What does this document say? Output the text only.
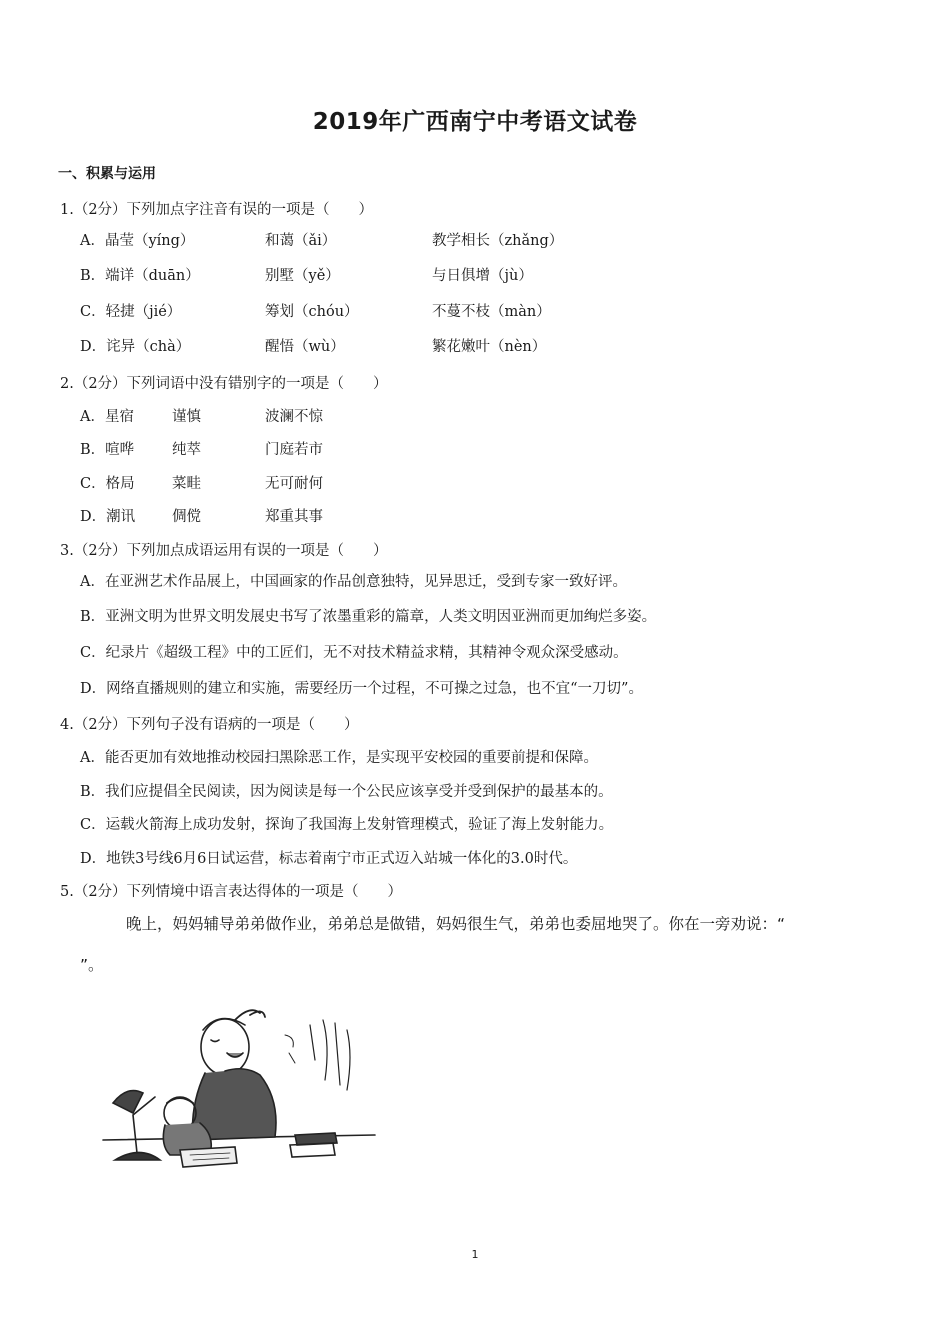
2019年广西南宁中考语文试卷
一、积累与运用
1.（2分）下列加点字注音有误的一项是（　　）
A．晶莹（yíng）	和蔼（ǎi）	教学相长（zhǎng）
B．端详（duān）	别墅（yě）	与日俱增（jù）
C．轻捷（jié）	筹划（chóu）	不蔓不枝（màn）
D．诧异（chà）	醒悟（wù）	繁花嫩叶（nèn）
2.（2分）下列词语中没有错别字的一项是（　　）
A．星宿	谨慎	波澜不惊
B．喧哗	纯萃	门庭若市
C．格局	菜畦	无可耐何
D．潮讯	倜傥	郑重其事
3.（2分）下列加点成语运用有误的一项是（　　）
A．在亚洲艺术作品展上，中国画家的作品创意独特，见异思迁，受到专家一致好评。
B．亚洲文明为世界文明发展史书写了浓墨重彩的篇章，人类文明因亚洲而更加绚烂多姿。
C．纪录片《超级工程》中的工匠们，无不对技术精益求精，其精神令观众深受感动。
D．网络直播规则的建立和实施，需要经历一个过程，不可操之过急，也不宜“一刀切”。
4.（2分）下列句子没有语病的一项是（　　）
A．能否更加有效地推动校园扫黑除恶工作，是实现平安校园的重要前提和保障。
B．我们应提倡全民阅读，因为阅读是每一个公民应该享受并受到保护的最基本的。
C．运载火箭海上成功发射，探询了我国海上发射管理模式，验证了海上发射能力。
D．地铁3号线6月6日试运营，标志着南宁市正式迈入站城一体化的3.0时代。
5.（2分）下列情境中语言表达得体的一项是（　　）
晚上，妈妈辅导弟弟做作业，弟弟总是做错，妈妈很生气，弟弟也委屈地哭了。你在一旁劝说：“
”。
1
